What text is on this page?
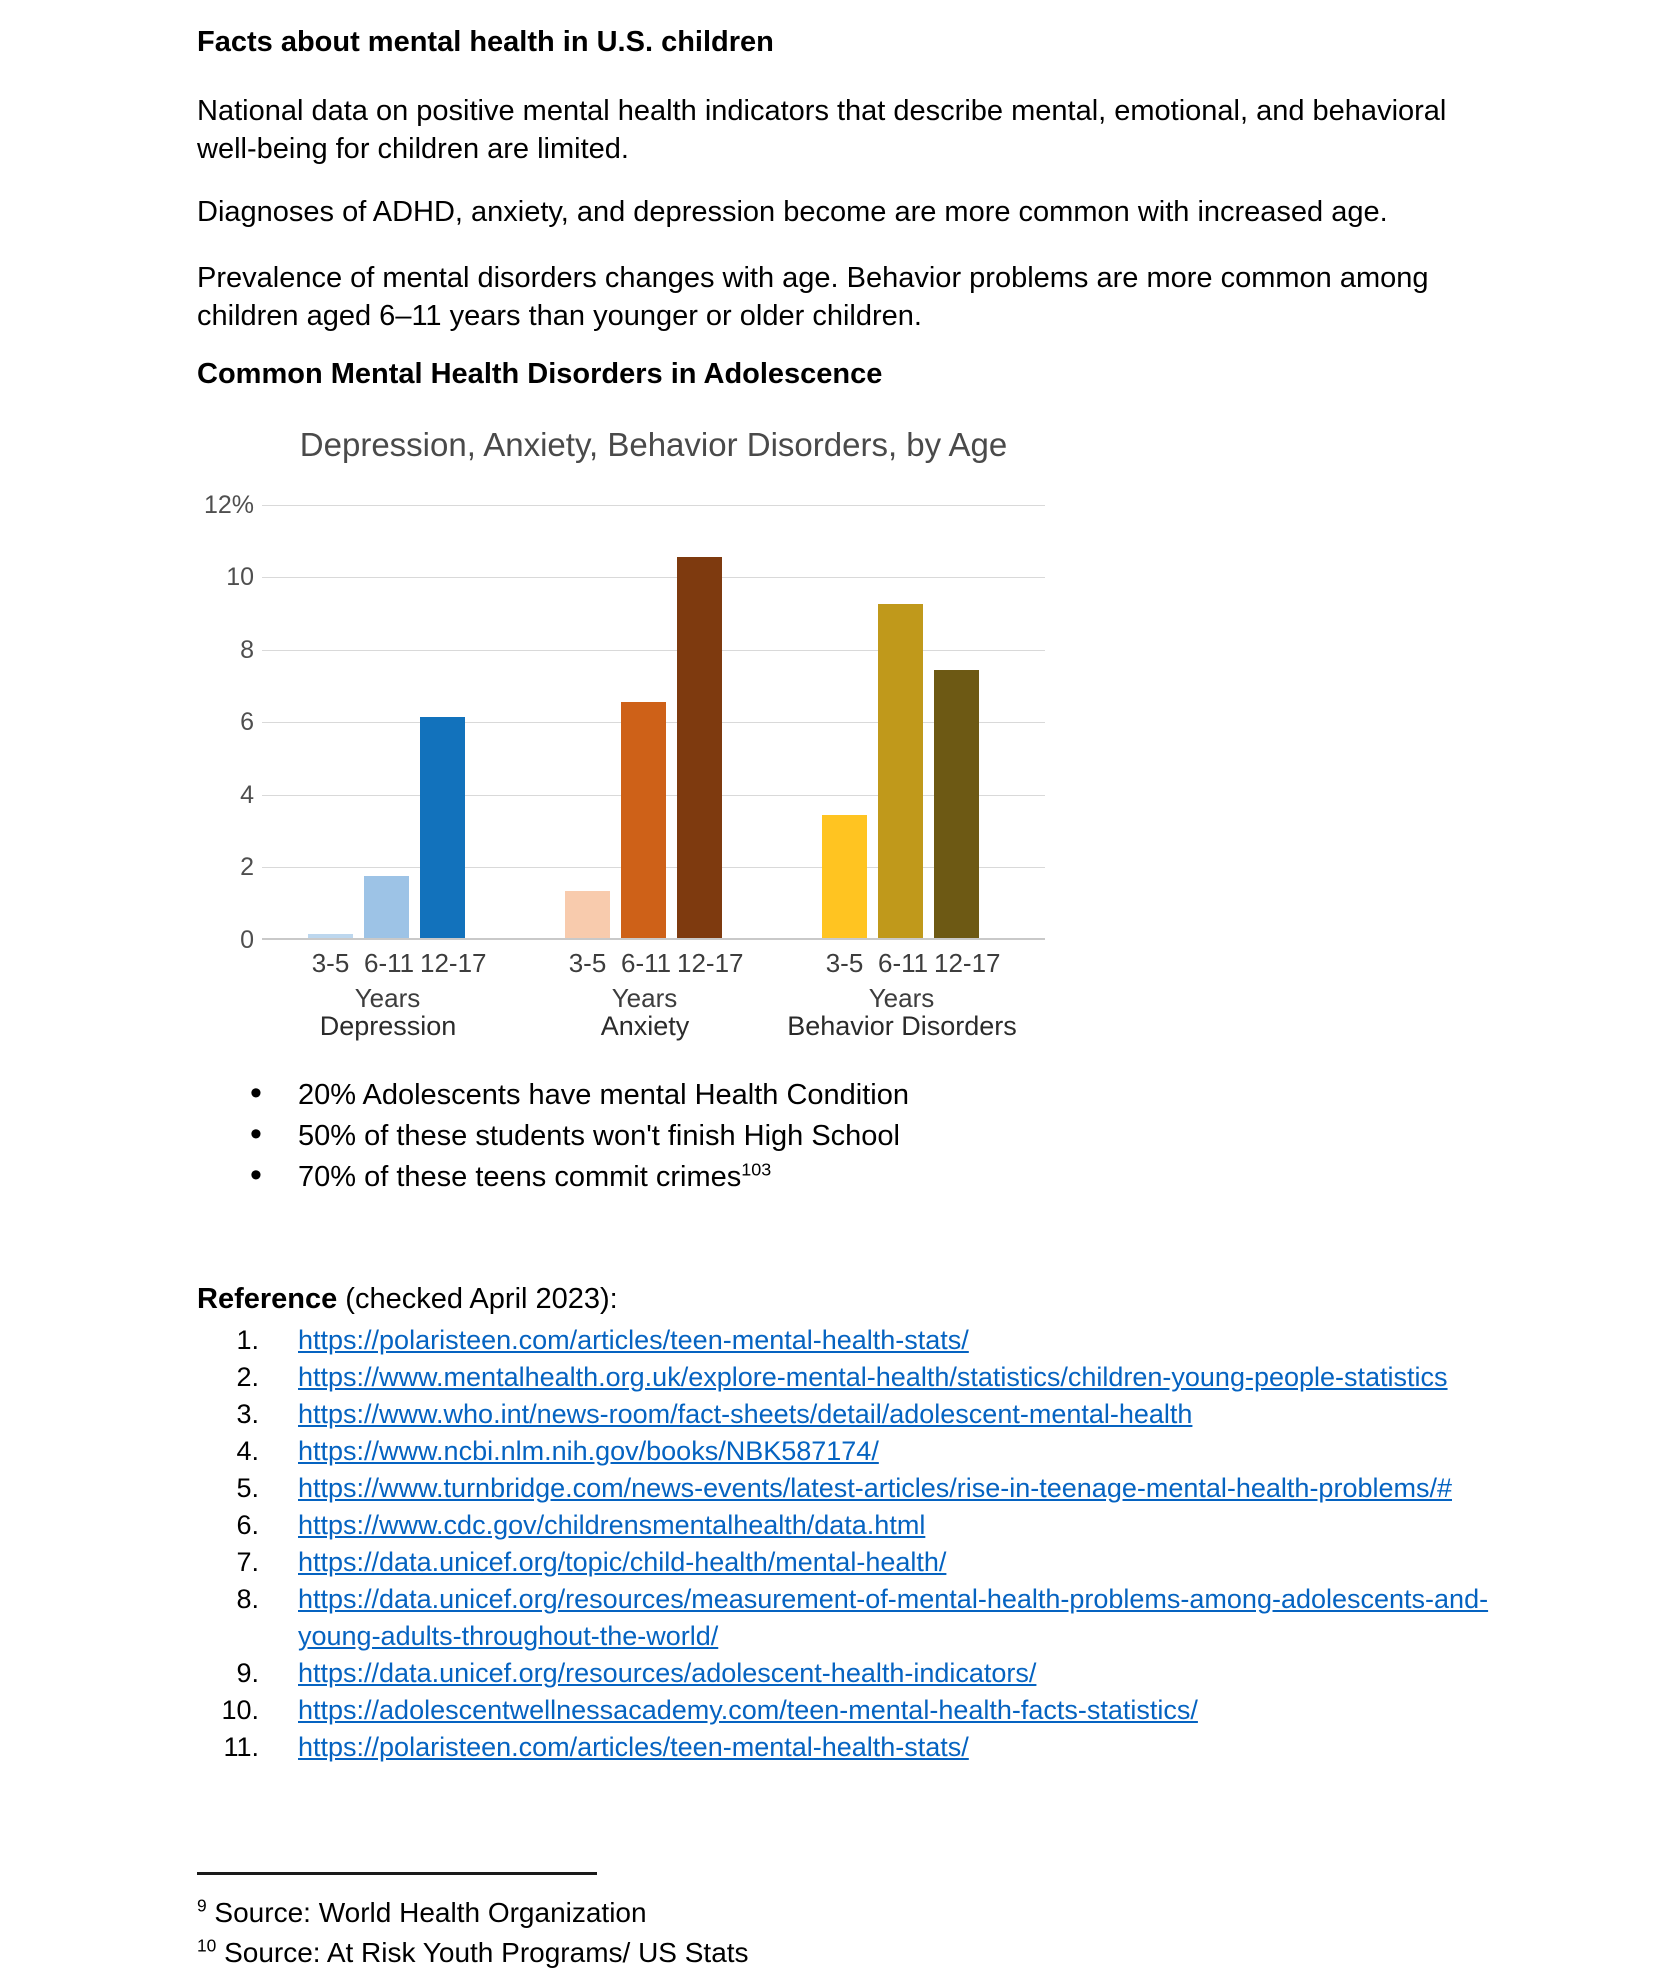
Facts about mental health in U.S. children
National data on positive mental health indicators that describe mental, emotional, and behavioral
well-being for children are limited.
Diagnoses of ADHD, anxiety, and depression become are more common with increased age.
Prevalence of mental disorders changes with age. Behavior problems are more common among
children aged 6–11 years than younger or older children.
Common Mental Health Disorders in Adolescence
Depression, Anxiety, Behavior Disorders, by Age
12%
10
8
6
4
2
0
3-5 6-11 12-17	3-5 6-11 12-17	3-5 6-11 12-17
Years	Years	Years
Depression	Anxiety	Behavior Disorders
• 20% Adolescents have mental Health Condition
• 50% of these students won't finish High School
• 70% of these teens commit crimes$^{103}$
Reference (checked April 2023):
1.	https://polaristeen.com/articles/teen-mental-health-stats/
2.	https://www.mentalhealth.org.uk/explore-mental-health/statistics/children-young-people-statistics
3.	https://www.who.int/news-room/fact-sheets/detail/adolescent-mental-health
4.	https://www.ncbi.nlm.nih.gov/books/NBK587174/
5.	https://www.turnbridge.com/news-events/latest-articles/rise-in-teenage-mental-health-problems/#
6.	https://www.cdc.gov/childrensmentalhealth/data.html
7.	https://data.unicef.org/topic/child-health/mental-health/
8.	https://data.unicef.org/resources/measurement-of-mental-health-problems-among-adolescents-and-
young-adults-throughout-the-world/
9.	https://data.unicef.org/resources/adolescent-health-indicators/
10.	https://adolescentwellnessacademy.com/teen-mental-health-facts-statistics/
11.	https://polaristeen.com/articles/teen-mental-health-stats/
$^9$ Source: World Health Organization
$^{10}$ Source: At Risk Youth Programs/ US Stats
